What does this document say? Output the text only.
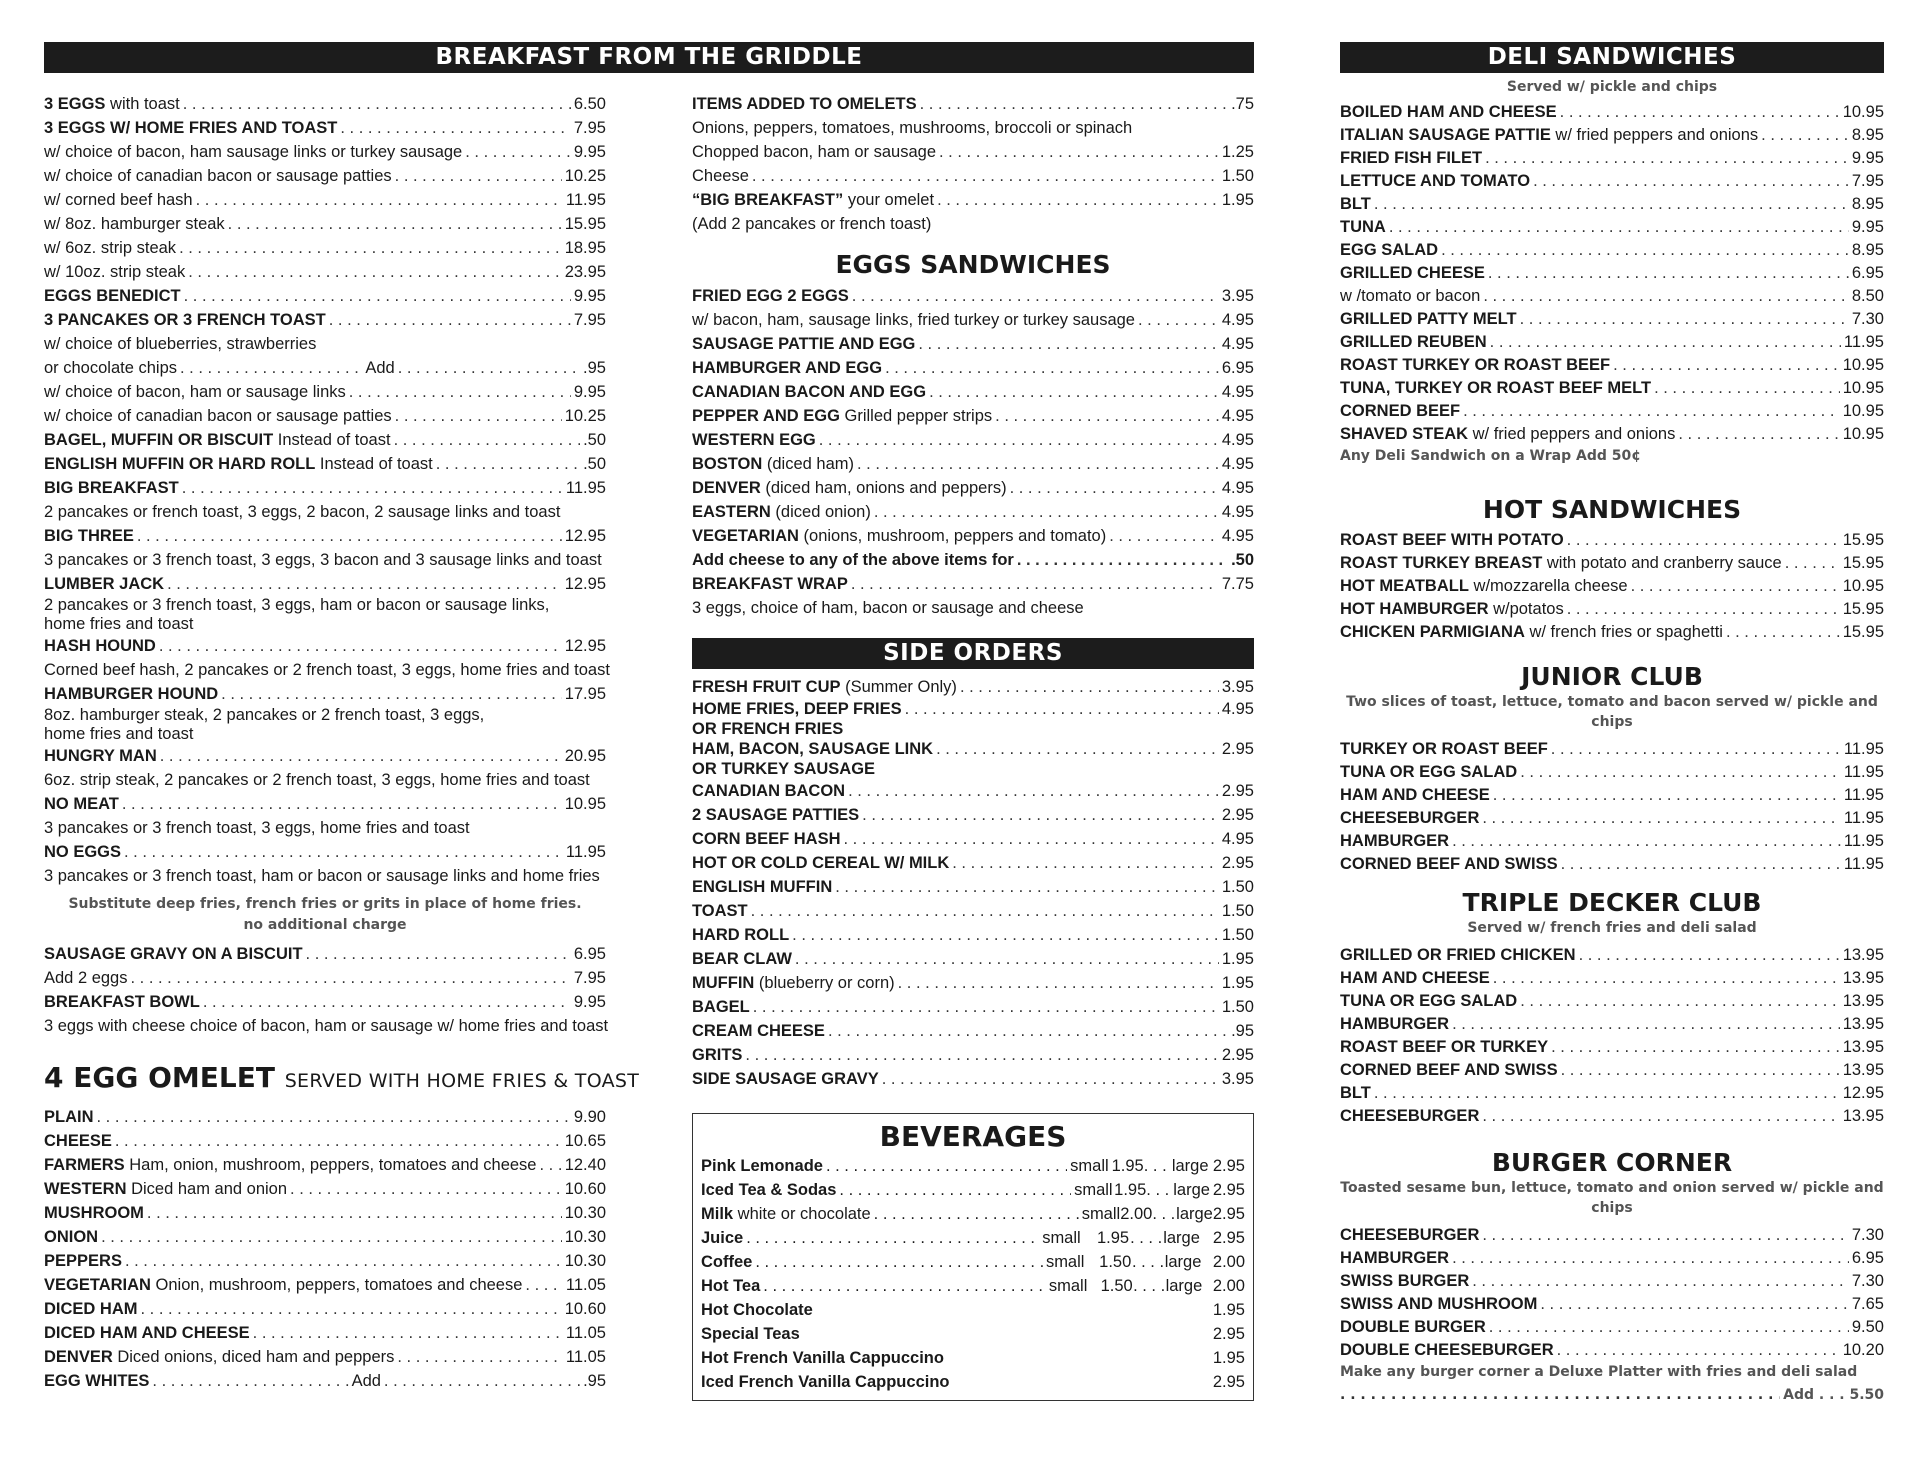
BREAKFAST FROM THE GRIDDLE
3 EGGS with toast . . .	6.50
3 EGGS W/ HOME FRIES AND TOAST . . .	7.95
w/ choice of bacon, ham sausage links or turkey sausage . . .	9.95
w/ choice of canadian bacon or sausage patties . . .	10.25
w/ corned beef hash . . .	11.95
w/ 8oz. hamburger steak . . .	15.95
w/ 6oz. strip steak . . .	18.95
w/ 10oz. strip steak . . .	23.95
EGGS BENEDICT . . .	9.95
3 PANCAKES OR 3 FRENCH TOAST . . .	7.95
w/ choice of blueberries, strawberries
or chocolate chips . . .	Add . . .	.95
w/ choice of bacon, ham or sausage links . . .	9.95
w/ choice of canadian bacon or sausage patties . . .	10.25
BAGEL, MUFFIN OR BISCUIT Instead of toast . . .	.50
ENGLISH MUFFIN OR HARD ROLL Instead of toast . . .	.50
BIG BREAKFAST . . .	11.95
2 pancakes or french toast, 3 eggs, 2 bacon, 2 sausage links and toast
BIG THREE . . .	12.95
3 pancakes or 3 french toast, 3 eggs, 3 bacon and 3 sausage links and toast
LUMBER JACK . . .	12.95
2 pancakes or 3 french toast, 3 eggs, ham or bacon or sausage links,
home fries and toast
HASH HOUND . . .	12.95
Corned beef hash, 2 pancakes or 2 french toast, 3 eggs, home fries and toast
HAMBURGER HOUND . . .	17.95
8oz. hamburger steak, 2 pancakes or 2 french toast, 3 eggs,
home fries and toast
HUNGRY MAN . . .	20.95
6oz. strip steak, 2 pancakes or 2 french toast, 3 eggs, home fries and toast
NO MEAT . . .	10.95
3 pancakes or 3 french toast, 3 eggs, home fries and toast
NO EGGS . . .	11.95
3 pancakes or 3 french toast, ham or bacon or sausage links and home fries
Substitute deep fries, french fries or grits in place of home fries.
no additional charge
SAUSAGE GRAVY ON A BISCUIT . . .	6.95
Add 2 eggs . . .	7.95
BREAKFAST BOWL . . .	9.95
3 eggs with cheese choice of bacon, ham or sausage w/ home fries and toast
4 EGG OMELET SERVED WITH HOME FRIES & TOAST
PLAIN . . .	9.90
CHEESE . . .	10.65
FARMERS Ham, onion, mushroom, peppers, tomatoes and cheese . . . 12.40
WESTERN Diced ham and onion . . .	10.60
MUSHROOM . . .	10.30
ONION . . .	10.30
PEPPERS . . .	10.30
VEGETARIAN Onion, mushroom, peppers, tomatoes and cheese . . .	11.05
DICED HAM . . .	10.60
DICED HAM AND CHEESE . . .	11.05
DENVER Diced onions, diced ham and peppers . . .	11.05
EGG WHITES . . .	Add . . .	.95
ITEMS ADDED TO OMELETS . . .	.75
Onions, peppers, tomatoes, mushrooms, broccoli or spinach
Chopped bacon, ham or sausage . . .	1.25
Cheese . . .	1.50
“BIG BREAKFAST” your omelet . . .	1.95
(Add 2 pancakes or french toast)
EGGS SANDWICHES
FRIED EGG 2 EGGS . . .	3.95
w/ bacon, ham, sausage links, fried turkey or turkey sausage . . .	4.95
SAUSAGE PATTIE AND EGG . . .	4.95
HAMBURGER AND EGG . . .	6.95
CANADIAN BACON AND EGG . . .	4.95
PEPPER AND EGG Grilled pepper strips . . .	4.95
WESTERN EGG . . .	4.95
BOSTON (diced ham) . . .	4.95
DENVER (diced ham, onions and peppers) . . .	4.95
EASTERN (diced onion) . . .	4.95
VEGETARIAN (onions, mushroom, peppers and tomato) . . .	4.95
Add cheese to any of the above items for . . .	.50
BREAKFAST WRAP . . .	7.75
3 eggs, choice of ham, bacon or sausage and cheese
SIDE ORDERS
FRESH FRUIT CUP (Summer Only) . . .	3.95
HOME FRIES, DEEP FRIES . . .	4.95
OR FRENCH FRIES
HAM, BACON, SAUSAGE LINK . . .	2.95
OR TURKEY SAUSAGE
CANADIAN BACON . . .	2.95
2 SAUSAGE PATTIES . . .	2.95
CORN BEEF HASH . . .	4.95
HOT OR COLD CEREAL W/ MILK . . .	2.95
ENGLISH MUFFIN . . .	1.50
TOAST . . .	1.50
HARD ROLL . . .	1.50
BEAR CLAW . . .	1.95
MUFFIN (blueberry or corn) . . .	1.95
BAGEL . . .	1.50
CREAM CHEESE . . .	.95
GRITS . . .	2.95
SIDE SAUSAGE GRAVY . . .	3.95
BEVERAGES
Pink Lemonade . . .	small 1.95 . . . . large 2.95
Iced Tea & Sodas . . .	small 1.95 . . . . large 2.95
Milk white or chocolate . . .	small 2.00 . . . . large 2.95
Juice . . .	small 1.95 . . . . large 2.95
Coffee . . .	small 1.50 . . . . large 2.00
Hot Tea . . .	small 1.50 . . . . large 2.00
Hot Chocolate	1.95
Special Teas	2.95
Hot French Vanilla Cappuccino	1.95
Iced French Vanilla Cappuccino	2.95
DELI SANDWICHES
Served w/ pickle and chips
BOILED HAM AND CHEESE . . .	10.95
ITALIAN SAUSAGE PATTIE w/ fried peppers and onions . . .	8.95
FRIED FISH FILET . . .	9.95
LETTUCE AND TOMATO . . .	7.95
BLT . . .	8.95
TUNA . . .	9.95
EGG SALAD . . .	8.95
GRILLED CHEESE . . .	6.95
w /tomato or bacon . . .	8.50
GRILLED PATTY MELT . . .	7.30
GRILLED REUBEN . . .	11.95
ROAST TURKEY OR ROAST BEEF . . .	10.95
TUNA, TURKEY OR ROAST BEEF MELT . . .	10.95
CORNED BEEF . . .	10.95
SHAVED STEAK w/ fried peppers and onions . . .	10.95
Any Deli Sandwich on a Wrap Add 50¢
HOT SANDWICHES
ROAST BEEF WITH POTATO . . .	15.95
ROAST TURKEY BREAST with potato and cranberry sauce . . .	15.95
HOT MEATBALL w/mozzarella cheese . . .	10.95
HOT HAMBURGER w/potatos . . .	15.95
CHICKEN PARMIGIANA w/ french fries or spaghetti . . .	15.95
JUNIOR CLUB
Two slices of toast, lettuce, tomato and bacon served w/ pickle and chips
TURKEY OR ROAST BEEF . . .	11.95
TUNA OR EGG SALAD . . .	11.95
HAM AND CHEESE . . .	11.95
CHEESEBURGER . . .	11.95
HAMBURGER . . .	11.95
CORNED BEEF AND SWISS . . .	11.95
TRIPLE DECKER CLUB
Served w/ french fries and deli salad
GRILLED OR FRIED CHICKEN . . .	13.95
HAM AND CHEESE . . .	13.95
TUNA OR EGG SALAD . . .	13.95
HAMBURGER . . .	13.95
ROAST BEEF OR TURKEY . . .	13.95
CORNED BEEF AND SWISS . . .	13.95
BLT . . .	12.95
CHEESEBURGER . . .	13.95
BURGER CORNER
Toasted sesame bun, lettuce, tomato and onion served w/ pickle and chips
CHEESEBURGER . . .	7.30
HAMBURGER . . .	6.95
SWISS BURGER . . .	7.30
SWISS AND MUSHROOM . . .	7.65
DOUBLE BURGER . . .	9.50
DOUBLE CHEESEBURGER . . .	10.20
Make any burger corner a Deluxe Platter with fries and deli salad
. . .
Add . . . 5.50
